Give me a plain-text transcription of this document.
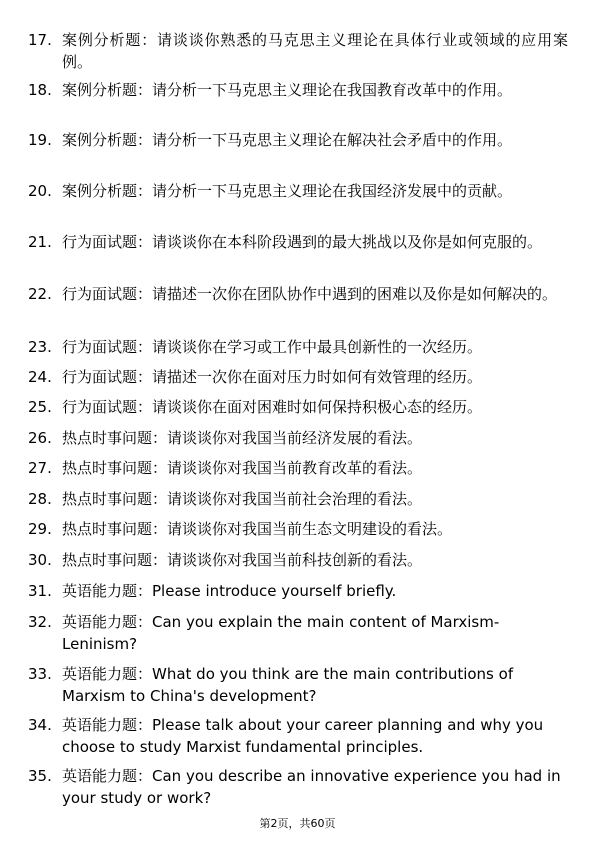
17. 案例分析题：请谈谈你熟悉的马克思主义理论在具体行业或领域的应用案例。
18. 案例分析题：请分析一下马克思主义理论在我国教育改革中的作用。
19. 案例分析题：请分析一下马克思主义理论在解决社会矛盾中的作用。
20. 案例分析题：请分析一下马克思主义理论在我国经济发展中的贡献。
21. 行为面试题：请谈谈你在本科阶段遇到的最大挑战以及你是如何克服的。
22. 行为面试题：请描述一次你在团队协作中遇到的困难以及你是如何解决的。
23. 行为面试题：请谈谈你在学习或工作中最具创新性的一次经历。
24. 行为面试题：请描述一次你在面对压力时如何有效管理的经历。
25. 行为面试题：请谈谈你在面对困难时如何保持积极心态的经历。
26. 热点时事问题：请谈谈你对我国当前经济发展的看法。
27. 热点时事问题：请谈谈你对我国当前教育改革的看法。
28. 热点时事问题：请谈谈你对我国当前社会治理的看法。
29. 热点时事问题：请谈谈你对我国当前生态文明建设的看法。
30. 热点时事问题：请谈谈你对我国当前科技创新的看法。
31. 英语能力题：Please introduce yourself briefly.
32. 英语能力题：Can you explain the main content of Marxism-Leninism?
33. 英语能力题：What do you think are the main contributions of Marxism to China's development?
34. 英语能力题：Please talk about your career planning and why you choose to study Marxist fundamental principles.
35. 英语能力题：Can you describe an innovative experience you had in your study or work?
第2页，共60页
